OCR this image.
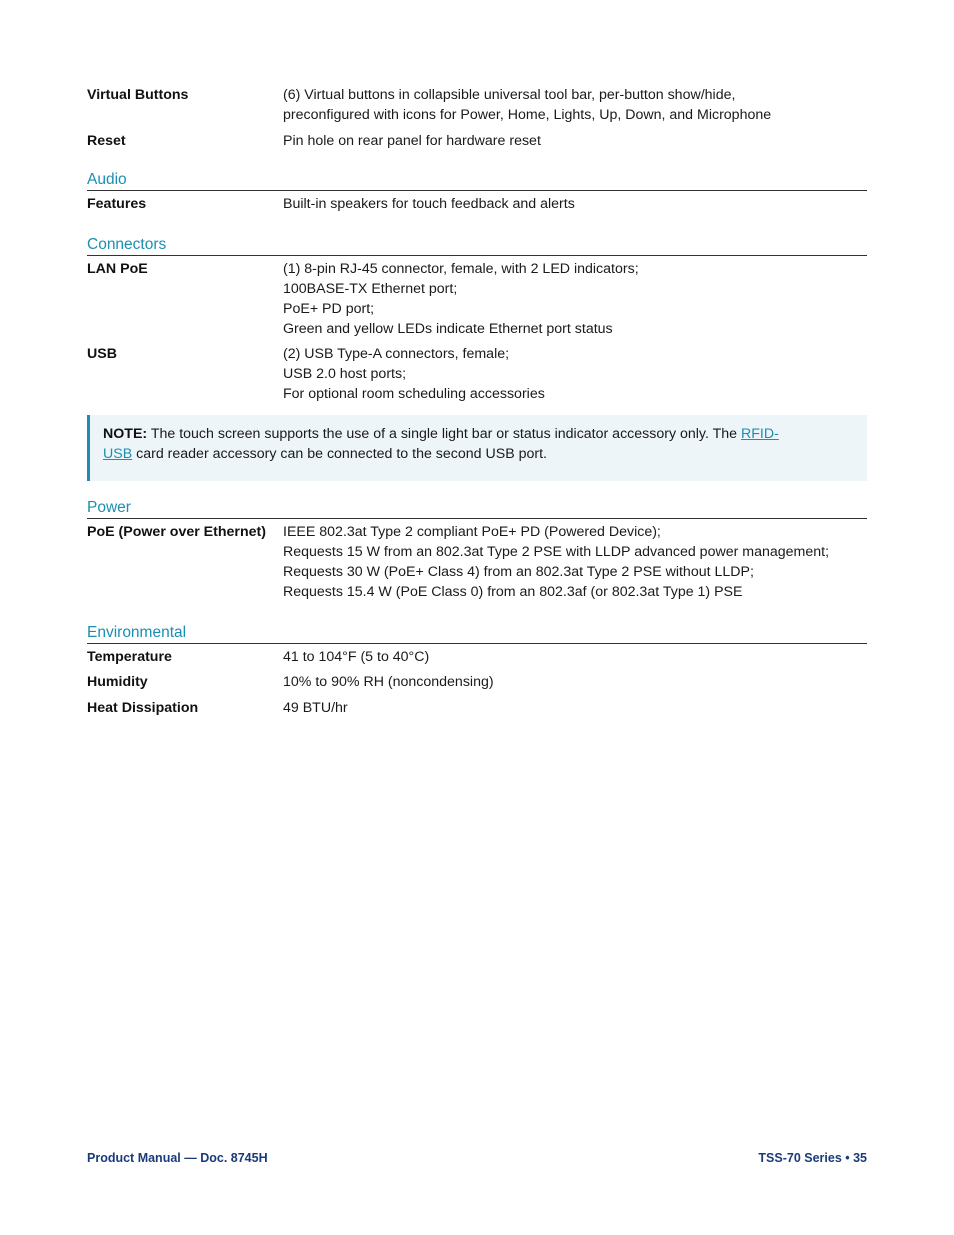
Virtual Buttons	(6) Virtual buttons in collapsible universal tool bar, per-button show/hide,
preconfigured with icons for Power, Home, Lights, Up, Down, and Microphone
Reset	Pin hole on rear panel for hardware reset
Audio
Features	Built-in speakers for touch feedback and alerts
Connectors
LAN PoE	(1) 8-pin RJ-45 connector, female, with 2 LED indicators;
100BASE-TX Ethernet port;
PoE+ PD port;
Green and yellow LEDs indicate Ethernet port status
USB	(2) USB Type-A connectors, female;
USB 2.0 host ports;
For optional room scheduling accessories
NOTE: The touch screen supports the use of a single light bar or status indicator accessory only. The RFID-
USB card reader accessory can be connected to the second USB port.
Power
PoE (Power over Ethernet)	IEEE 802.3at Type 2 compliant PoE+ PD (Powered Device);
Requests 15 W from an 802.3at Type 2 PSE with LLDP advanced power management;
Requests 30 W (PoE+ Class 4) from an 802.3at Type 2 PSE without LLDP;
Requests 15.4 W (PoE Class 0) from an 802.3af (or 802.3at Type 1) PSE
Environmental
Temperature	41 to 104°F (5 to 40°C)
Humidity	10% to 90% RH (noncondensing)
Heat Dissipation	49 BTU/hr
Product Manual — Doc. 8745H	TSS-70 Series • 35
